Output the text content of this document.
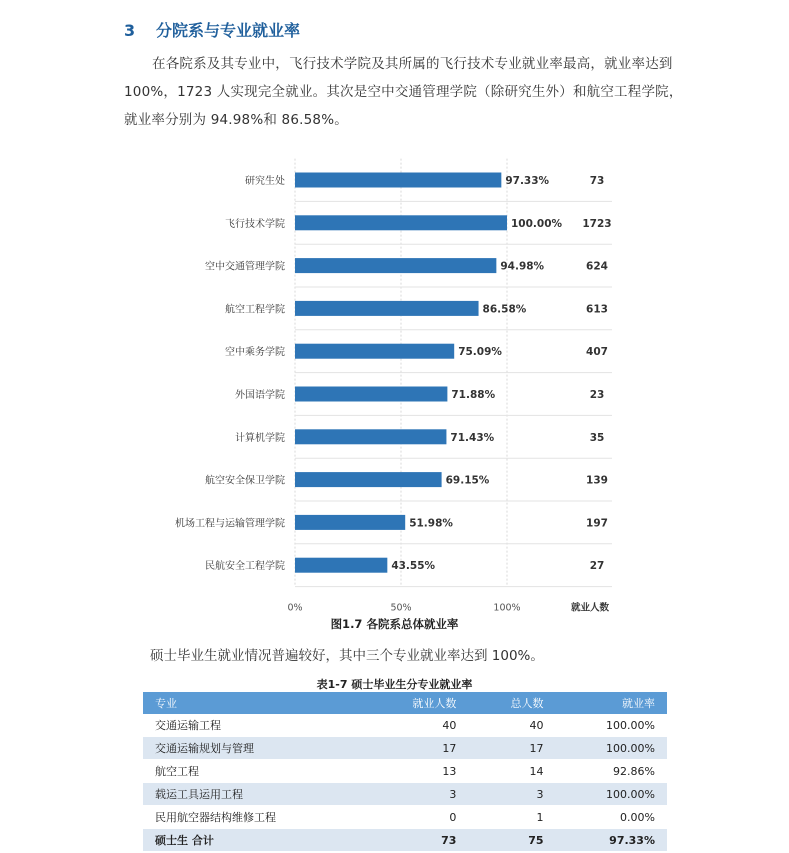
3 分院系与专业就业率
在各院系及其专业中，飞行技术学院及其所属的飞行技术专业就业率最高，就业率达到100%，1723 人实现完全就业。其次是空中交通管理学院（除研究生外）和航空工程学院，就业率分别为 94.98%和 86.58%。
研究生处	97.33%	73
飞行技术学院	100.00% 1723
空中交通管理学院	94.98%	624
航空工程学院	86.58%	613
空中乘务学院	75.09%	407
外国语学院	71.88%	23
计算机学院	71.43%	35
航空安全保卫学院	69.15%	139
机场工程与运输管理学院	51.98%	197
民航安全工程学院	43.55%	27
0%	50%	100%	就业人数
图1.7 各院系总体就业率
硕士毕业生就业情况普遍较好，其中三个专业就业率达到 100%。
表1-7 硕士毕业生分专业就业率
专业	就业人数	总人数	就业率
交通运输工程	40	40	100.00%
交通运输规划与管理	17	17	100.00%
航空工程	13	14	92.86%
载运工具运用工程	3	3	100.00%
民用航空器结构维修工程	0	1	0.00%
硕士生 合计	73	75	97.33%
